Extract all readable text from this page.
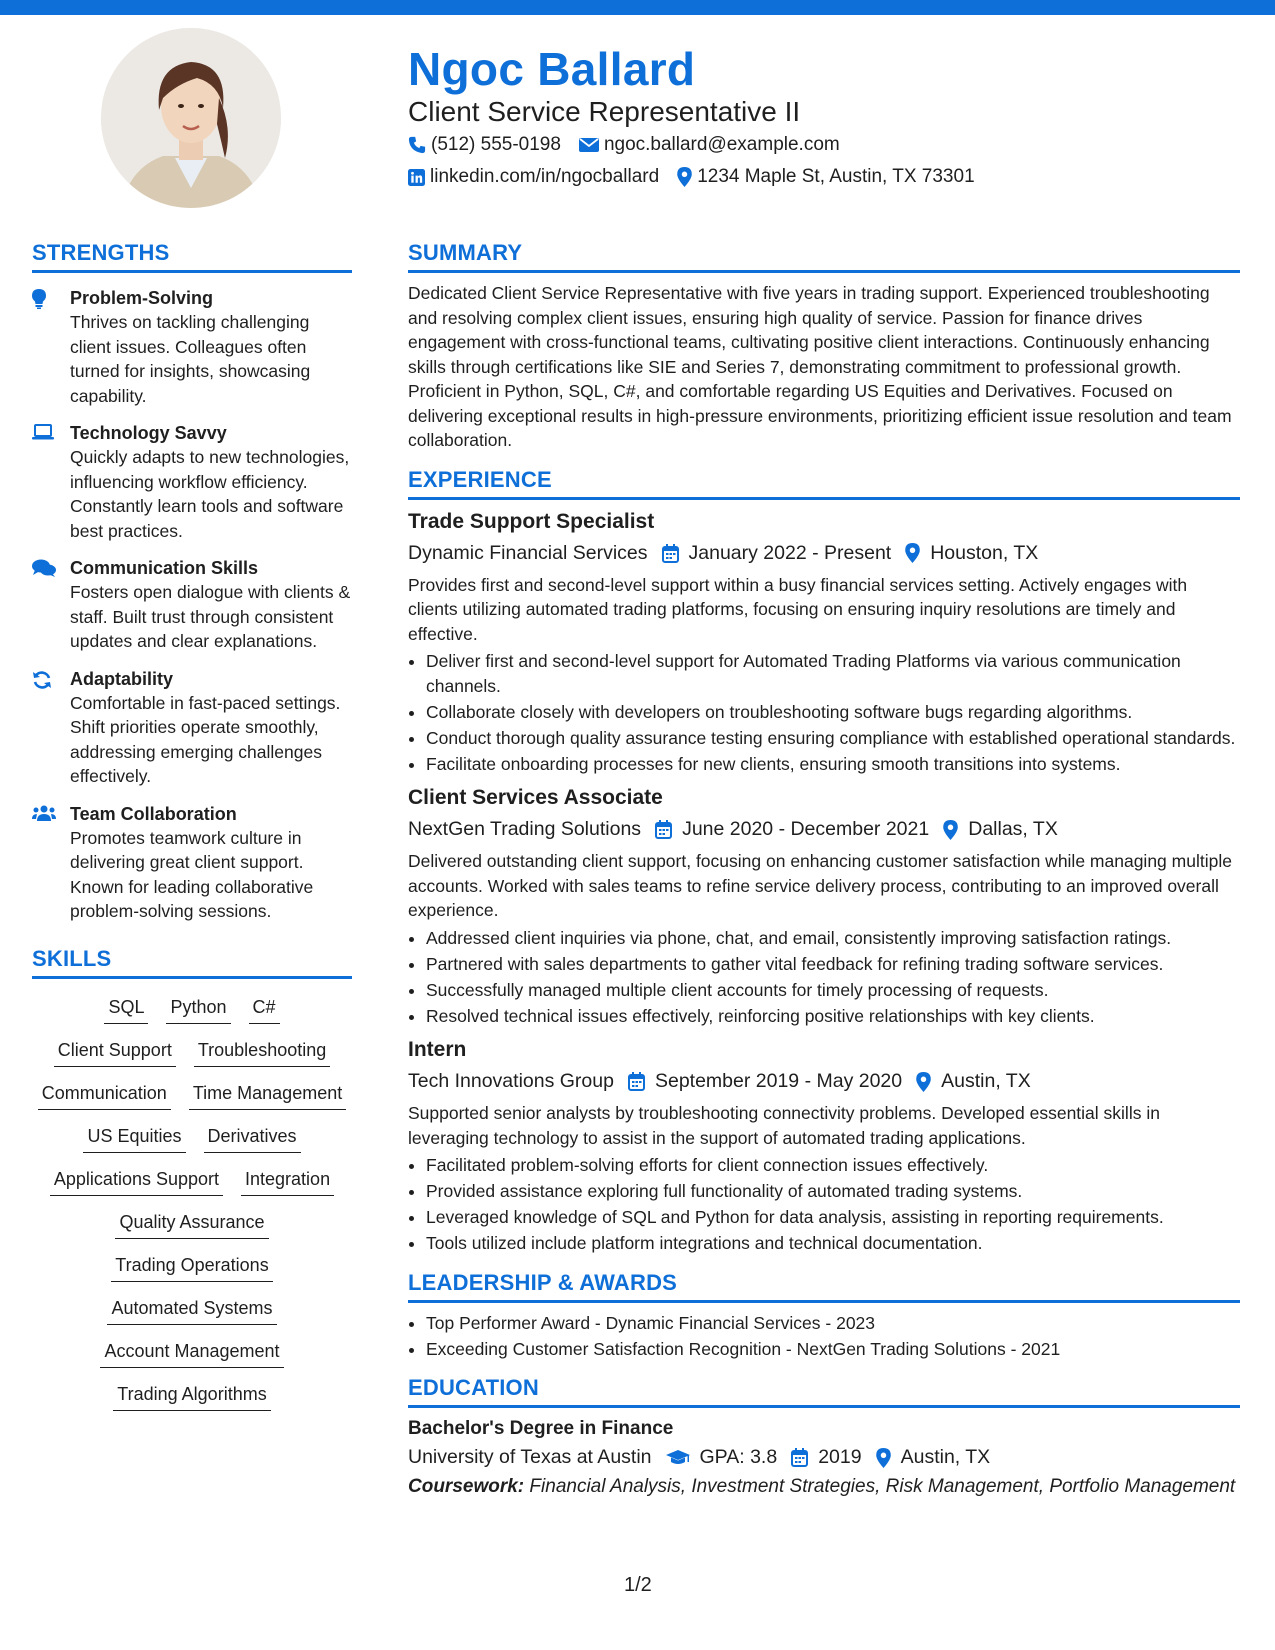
Ngoc Ballard
Client Service Representative II
(512) 555-0198 ngoc.ballard@example.com
linkedin.com/in/ngocballard 1234 Maple St, Austin, TX 73301
STRENGTHS
Problem-Solving
Thrives on tackling challenging client issues. Colleagues often turned for insights, showcasing capability.
Technology Savvy
Quickly adapts to new technologies, influencing workflow efficiency. Constantly learn tools and software best practices.
Communication Skills
Fosters open dialogue with clients & staff. Built trust through consistent updates and clear explanations.
Adaptability
Comfortable in fast-paced settings. Shift priorities operate smoothly, addressing emerging challenges effectively.
Team Collaboration
Promotes teamwork culture in delivering great client support. Known for leading collaborative problem-solving sessions.
SKILLS
SQL Python C#
Client Support Troubleshooting
Communication Time Management
US Equities Derivatives
Applications Support Integration
Quality Assurance
Trading Operations
Automated Systems
Account Management
Trading Algorithms
SUMMARY
Dedicated Client Service Representative with five years in trading support. Experienced troubleshooting and resolving complex client issues, ensuring high quality of service. Passion for finance drives engagement with cross-functional teams, cultivating positive client interactions. Continuously enhancing skills through certifications like SIE and Series 7, demonstrating commitment to professional growth. Proficient in Python, SQL, C#, and comfortable regarding US Equities and Derivatives. Focused on delivering exceptional results in high-pressure environments, prioritizing efficient issue resolution and team collaboration.
EXPERIENCE
Trade Support Specialist
Dynamic Financial Services January 2022 - Present Houston, TX
Provides first and second-level support within a busy financial services setting. Actively engages with clients utilizing automated trading platforms, focusing on ensuring inquiry resolutions are timely and effective.
• Deliver first and second-level support for Automated Trading Platforms via various communication channels.
• Collaborate closely with developers on troubleshooting software bugs regarding algorithms.
• Conduct thorough quality assurance testing ensuring compliance with established operational standards.
• Facilitate onboarding processes for new clients, ensuring smooth transitions into systems.
Client Services Associate
NextGen Trading Solutions June 2020 - December 2021 Dallas, TX
Delivered outstanding client support, focusing on enhancing customer satisfaction while managing multiple accounts. Worked with sales teams to refine service delivery process, contributing to an improved overall experience.
• Addressed client inquiries via phone, chat, and email, consistently improving satisfaction ratings.
• Partnered with sales departments to gather vital feedback for refining trading software services.
• Successfully managed multiple client accounts for timely processing of requests.
• Resolved technical issues effectively, reinforcing positive relationships with key clients.
Intern
Tech Innovations Group September 2019 - May 2020 Austin, TX
Supported senior analysts by troubleshooting connectivity problems. Developed essential skills in leveraging technology to assist in the support of automated trading applications.
• Facilitated problem-solving efforts for client connection issues effectively.
• Provided assistance exploring full functionality of automated trading systems.
• Leveraged knowledge of SQL and Python for data analysis, assisting in reporting requirements.
• Tools utilized include platform integrations and technical documentation.
LEADERSHIP & AWARDS
• Top Performer Award - Dynamic Financial Services - 2023
• Exceeding Customer Satisfaction Recognition - NextGen Trading Solutions - 2021
EDUCATION
Bachelor's Degree in Finance
University of Texas at Austin GPA: 3.8 2019 Austin, TX
Coursework: Financial Analysis, Investment Strategies, Risk Management, Portfolio Management
1/2
